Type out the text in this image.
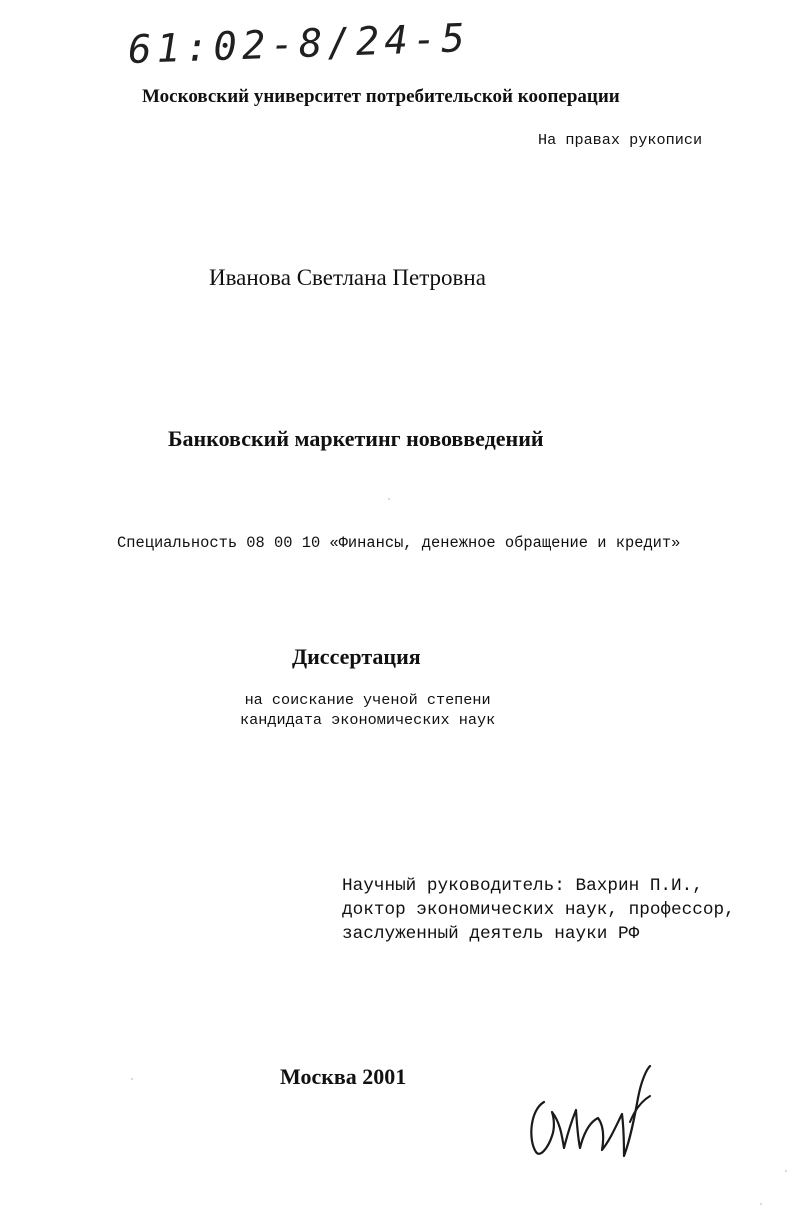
61:02-8/24-5
Московский университет потребительской кооперации
На правах рукописи
Иванова Светлана Петровна
Банковский маркетинг нововведений
Специальность 08 00 10 «Финансы, денежное обращение и кредит»
Диссертация
на соискание ученой степени
кандидата экономических наук
Научный руководитель: Вахрин П.И.,
доктор экономических наук, профессор,
заслуженный деятель науки РФ
Москва 2001
